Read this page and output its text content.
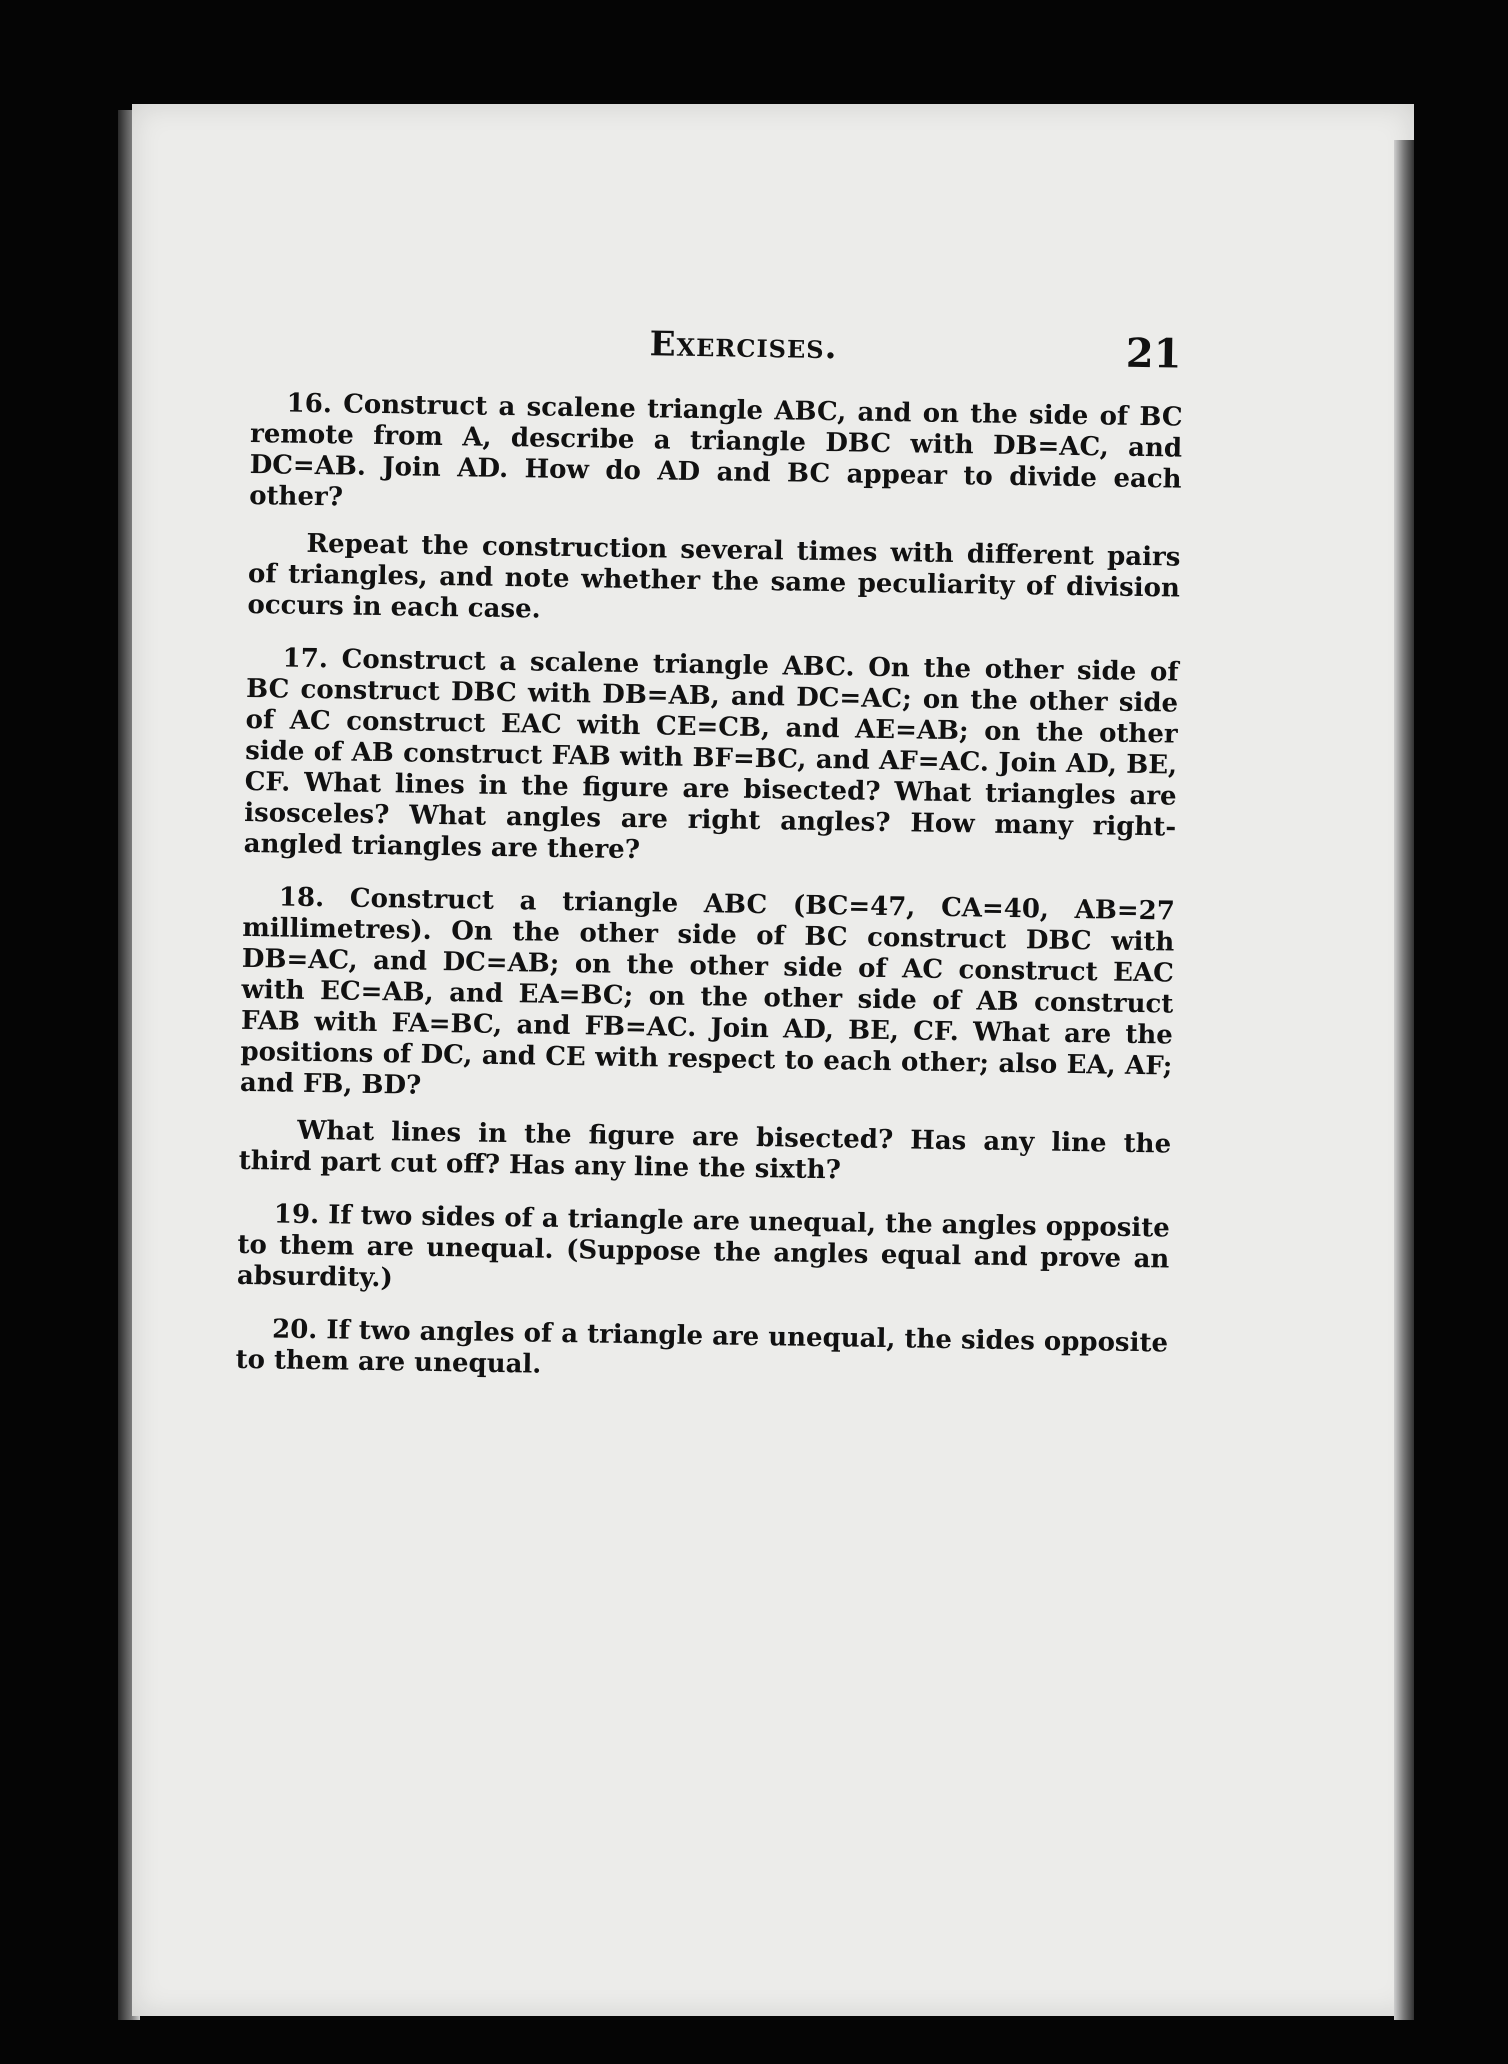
Exercises.	21

16. Construct a scalene triangle ABC, and on the side of BC remote from A, describe a triangle DBC with DB=AC, and DC=AB. Join AD. How do AD and BC appear to divide each other?

Repeat the construction several times with different pairs of triangles, and note whether the same peculiarity of division occurs in each case.

17. Construct a scalene triangle ABC. On the other side of BC construct DBC with DB=AB, and DC=AC; on the other side of AC construct EAC with CE=CB, and AE=AB; on the other side of AB construct FAB with BF=BC, and AF=AC. Join AD, BE, CF. What lines in the figure are bisected? What triangles are isosceles? What angles are right angles? How many right-angled triangles are there?

18. Construct a triangle ABC (BC=47, CA=40, AB=27 millimetres). On the other side of BC construct DBC with DB=AC, and DC=AB; on the other side of AC construct EAC with EC=AB, and EA=BC; on the other side of AB construct FAB with FA=BC, and FB=AC. Join AD, BE, CF. What are the positions of DC, and CE with respect to each other; also EA, AF; and FB, BD?

What lines in the figure are bisected? Has any line the third part cut off? Has any line the sixth?

19. If two sides of a triangle are unequal, the angles opposite to them are unequal. (Suppose the angles equal and prove an absurdity.)

20. If two angles of a triangle are unequal, the sides opposite to them are unequal.
